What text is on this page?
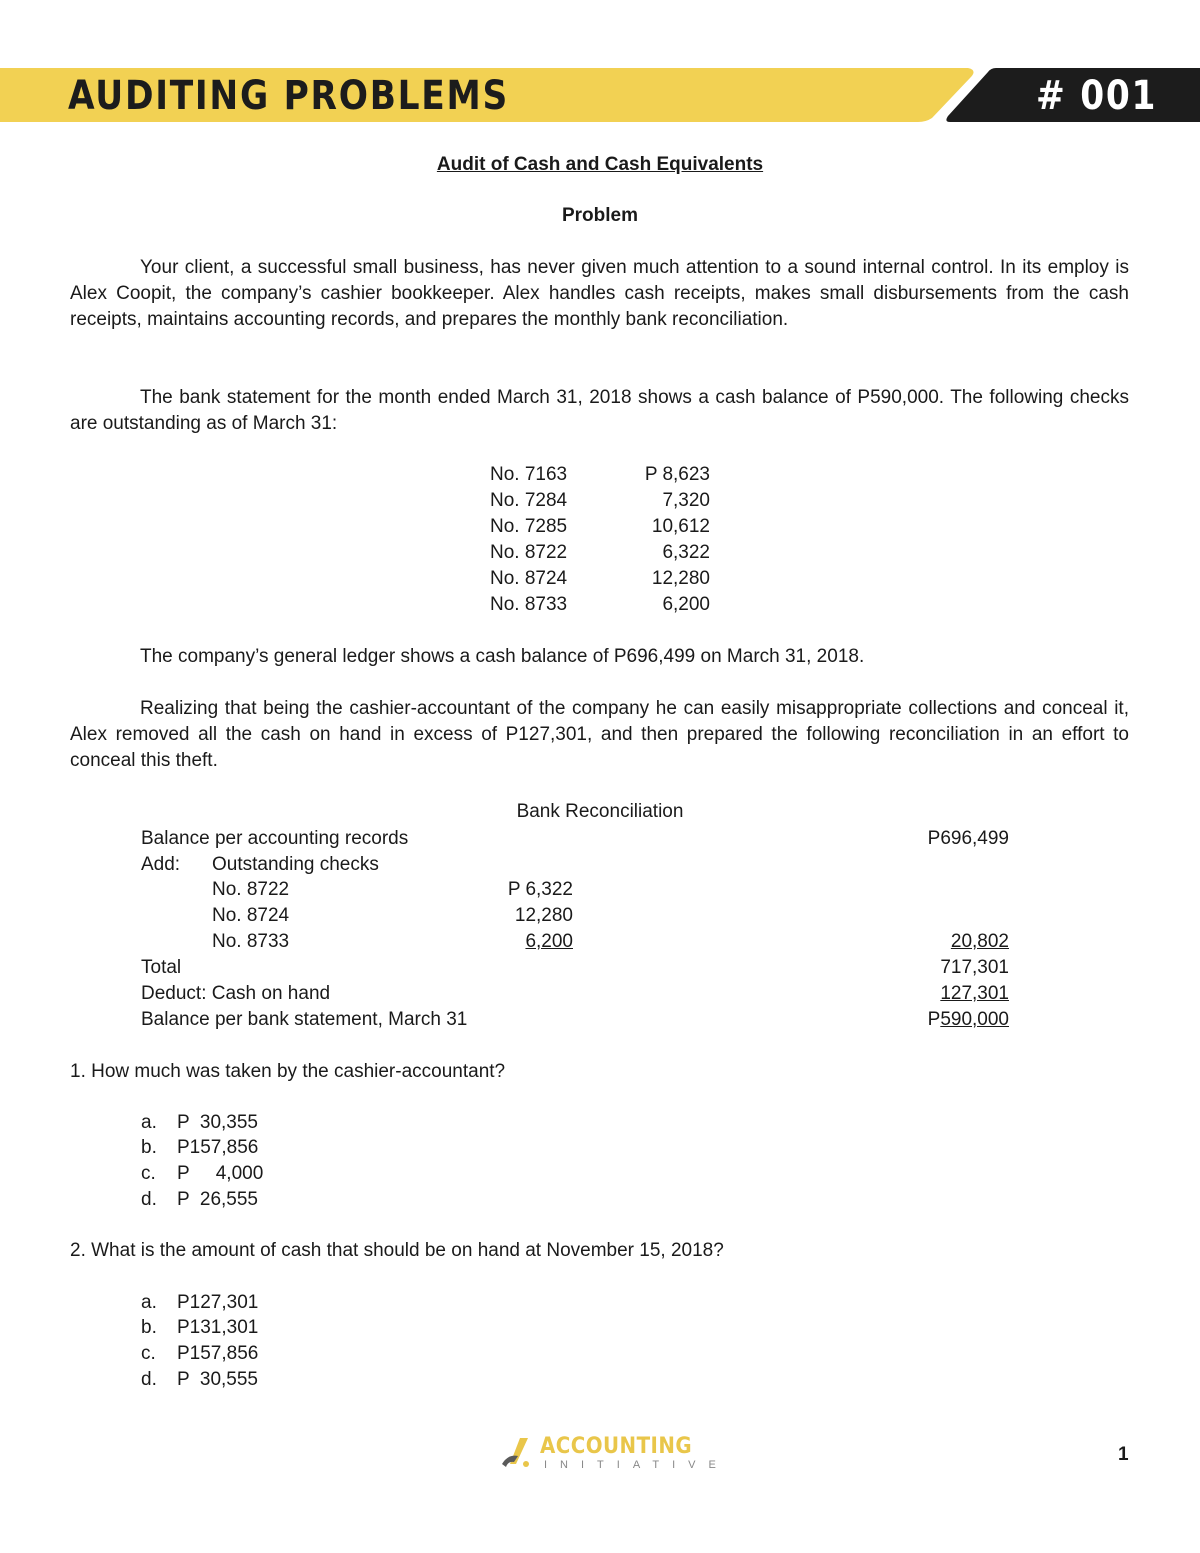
AUDITING PROBLEMS	# 001
Audit of Cash and Cash Equivalents
Problem

Your client, a successful small business, has never given much attention to a sound internal control. In its employ is Alex Coopit, the company’s cashier bookkeeper. Alex handles cash receipts, makes small disbursements from the cash receipts, maintains accounting records, and prepares the monthly bank reconciliation.

The bank statement for the month ended March 31, 2018 shows a cash balance of P590,000. The following checks are outstanding as of March 31:

No. 7163	P 8,623
No. 7284	7,320
No. 7285	10,612
No. 8722	6,322
No. 8724	12,280
No. 8733	6,200

The company’s general ledger shows a cash balance of P696,499 on March 31, 2018.

Realizing that being the cashier-accountant of the company he can easily misappropriate collections and conceal it, Alex removed all the cash on hand in excess of P127,301, and then prepared the following reconciliation in an effort to conceal this theft.

Bank Reconciliation
Balance per accounting records	P696,499
Add: Outstanding checks
No. 8722	P 6,322
No. 8724	12,280
No. 8733	6,200	20,802
Total	717,301
Deduct: Cash on hand	127,301
Balance per bank statement, March 31	P590,000
1. How much was taken by the cashier-accountant?
a. P  30,355
b. P157,856
c. P     4,000
d. P  26,555
2. What is the amount of cash that should be on hand at November 15, 2018?
a. P127,301
b. P131,301
c. P157,856
d. P  30,555
ACCOUNTING
INITIATIVE	1
